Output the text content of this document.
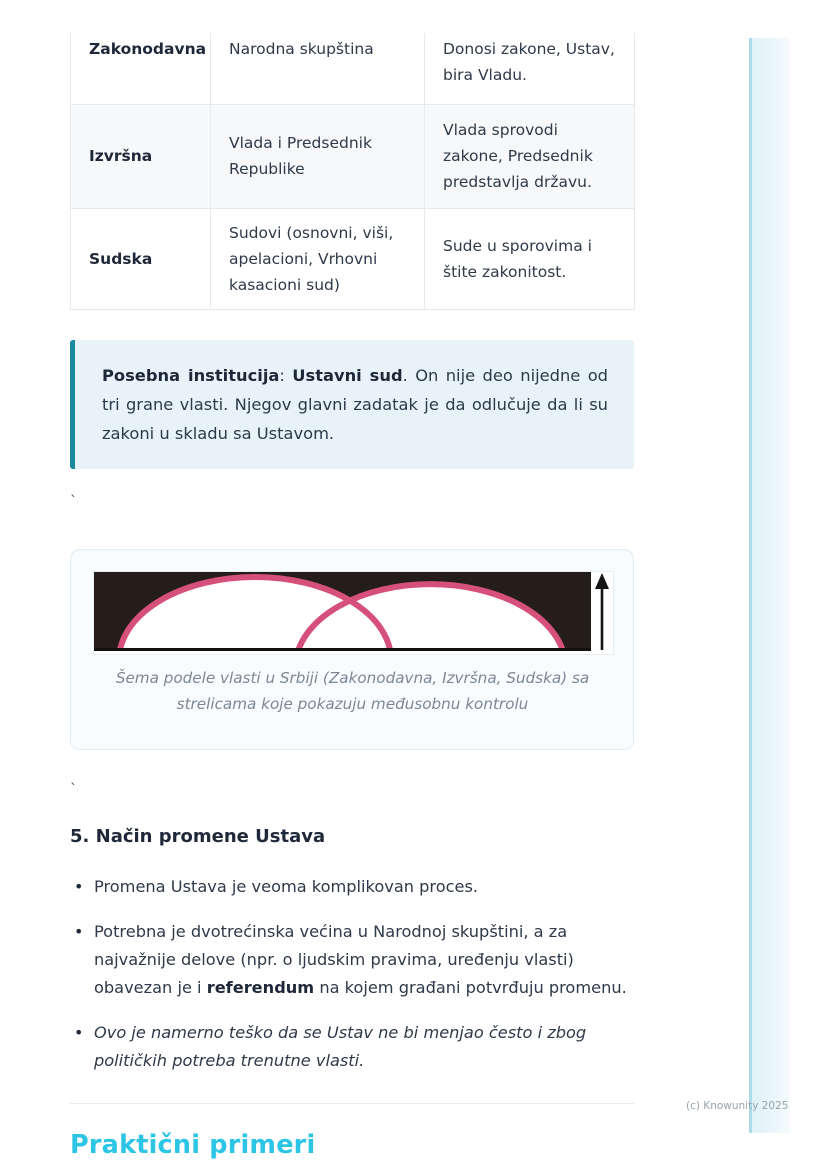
Zakonodavna	Narodna skupština	Donosi zakone, Ustav, bira Vladu.
Izvršna	Vlada i Predsednik Republike	Vlada sprovodi zakone, Predsednik predstavlja državu.
Sudska	Sudovi (osnovni, viši, apelacioni, Vrhovni kasacioni sud)	Sude u sporovima i štite zakonitost.

Posebna institucija: Ustavni sud. On nije deo nijedne od tri grane vlasti. Njegov glavni zadatak je da odlučuje da li su zakoni u skladu sa Ustavom.

`
Šema podele vlasti u Srbiji (Zakonodavna, Izvršna, Sudska) sa strelicama koje pokazuju međusobnu kontrolu
`
5. Način promene Ustava
• Promena Ustava je veoma komplikovan proces.
• Potrebna je dvotrećinska većina u Narodnoj skupštini, a za najvažnije delove (npr. o ljudskim pravima, uređenju vlasti) obavezan je i referendum na kojem građani potvrđuju promenu.
• Ovo je namerno teško da se Ustav ne bi menjao često i zbog političkih potreba trenutne vlasti.
Praktični primeri
(c) Knowunity 2025
